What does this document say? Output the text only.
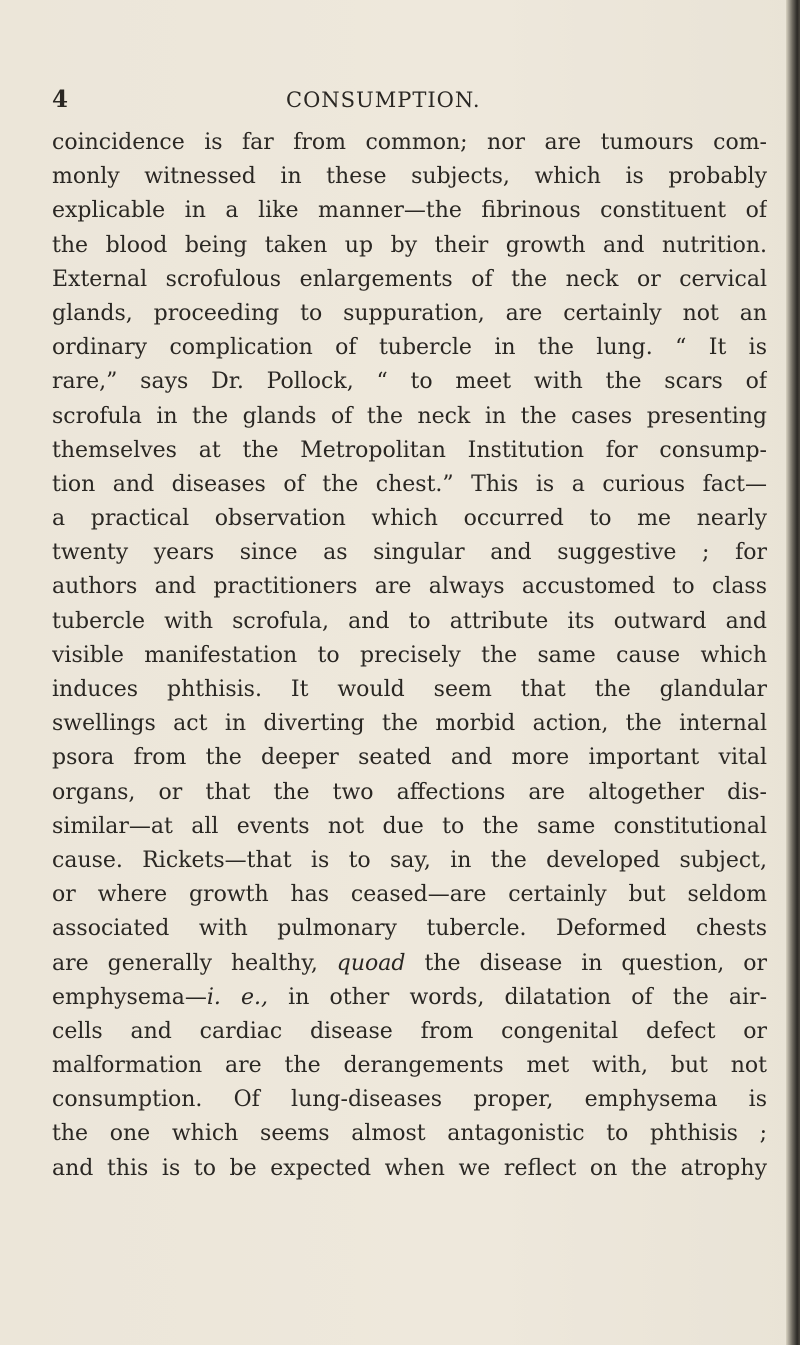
4	CONSUMPTION.
coincidence is far from common; nor are tumours com-
monly witnessed in these subjects, which is probably
explicable in a like manner—the fibrinous constituent of
the blood being taken up by their growth and nutrition.
External scrofulous enlargements of the neck or cervical
glands, proceeding to suppuration, are certainly not an
ordinary complication of tubercle in the lung. “ It is
rare,” says Dr. Pollock, “ to meet with the scars of
scrofula in the glands of the neck in the cases presenting
themselves at the Metropolitan Institution for consump-
tion and diseases of the chest.” This is a curious fact—
a practical observation which occurred to me nearly
twenty years since as singular and suggestive ; for
authors and practitioners are always accustomed to class
tubercle with scrofula, and to attribute its outward and
visible manifestation to precisely the same cause which
induces phthisis. It would seem that the glandular
swellings act in diverting the morbid action, the internal
psora from the deeper seated and more important vital
organs, or that the two affections are altogether dis-
similar—at all events not due to the same constitutional
cause. Rickets—that is to say, in the developed subject,
or where growth has ceased—are certainly but seldom
associated with pulmonary tubercle. Deformed chests
are generally healthy, quoad the disease in question, or
emphysema—i. e., in other words, dilatation of the air-
cells and cardiac disease from congenital defect or
malformation are the derangements met with, but not
consumption. Of lung-diseases proper, emphysema is
the one which seems almost antagonistic to phthisis ;
and this is to be expected when we reflect on the atrophy
